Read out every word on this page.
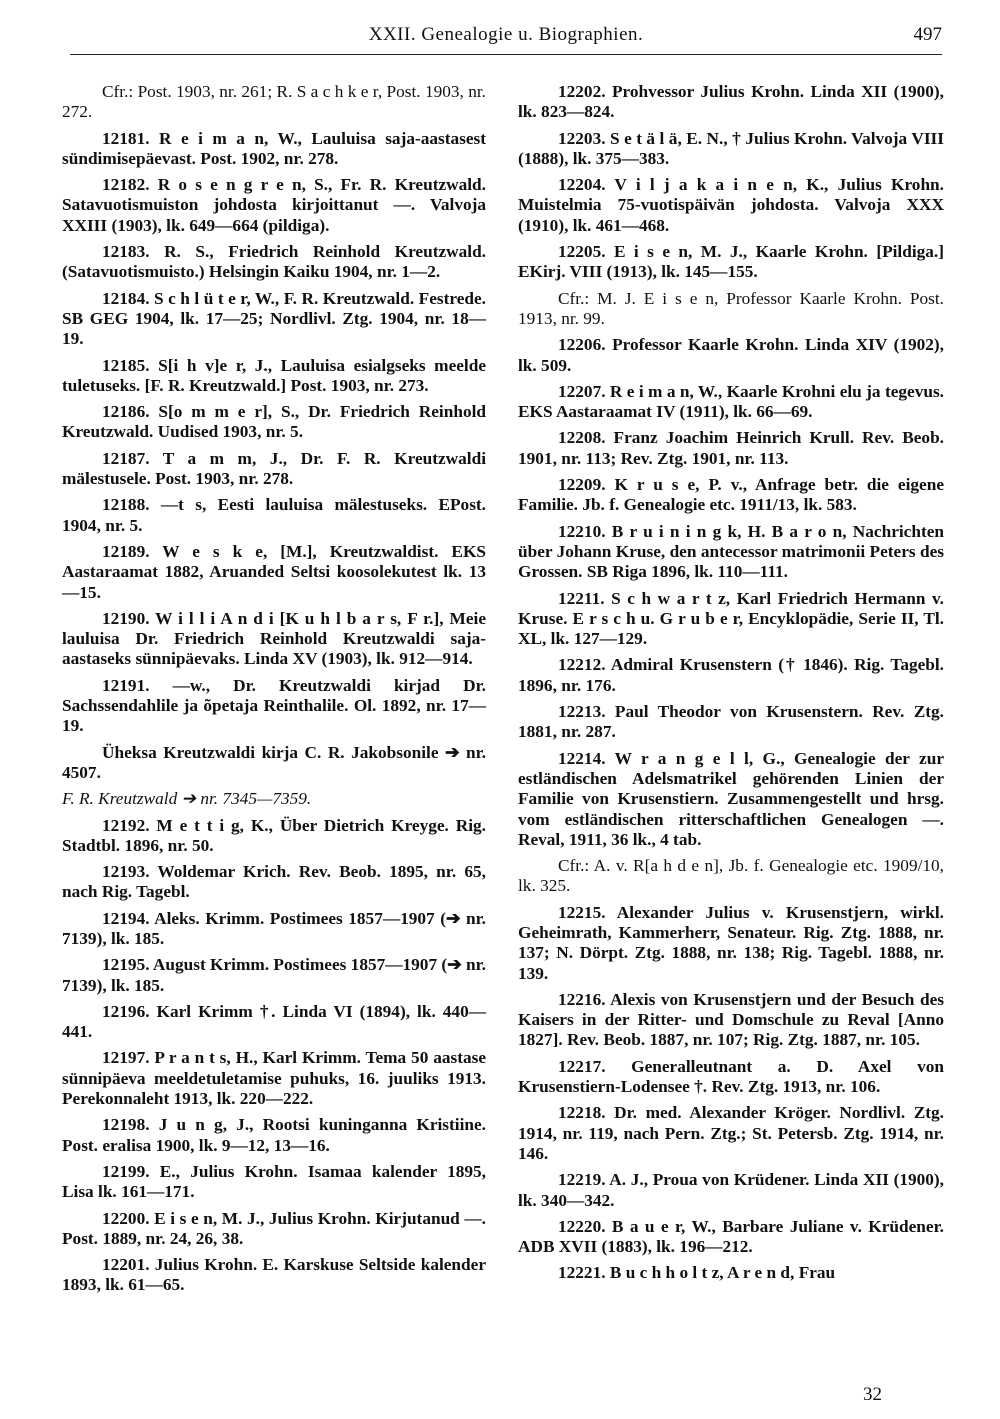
XXII. Genealogie u. Biographien.	497

Cfr.: Post. 1903, nr. 261; R. S a c h k e r, Post. 1903, nr. 272.

12181. R e i m a n, W., Lauluisa saja-aastasest sündimisepäevast. Post. 1902, nr. 278.

12182. R o s e n g r e n, S., Fr. R. Kreutzwald. Satavuotismuiston johdosta kirjoittanut —. Valvoja XXIII (1903), lk. 649—664 (pildiga).

12183. R. S., Friedrich Reinhold Kreutzwald. (Satavuotismuisto.) Helsingin Kaiku 1904, nr. 1—2.

12184. S c h l ü t e r, W., F. R. Kreutzwald. Festrede. SB GEG 1904, lk. 17—25; Nordlivl. Ztg. 1904, nr. 18—19.

12185. S[i h v]e r, J., Lauluisa esialgseks meelde tuletuseks. [F. R. Kreutzwald.] Post. 1903, nr. 273.

12186. S[o m m e r], S., Dr. Friedrich Reinhold Kreutzwald. Uudised 1903, nr. 5.

12187. T a m m, J., Dr. F. R. Kreutzwaldi mälestusele. Post. 1903, nr. 278.

12188. —t s, Eesti lauluisa mälestuseks. EPost. 1904, nr. 5.

12189. W e s k e, [M.], Kreutzwaldist. EKS Aastaraamat 1882, Aruanded Seltsi koosolekutest lk. 13—15.

12190. W i l l i A n d i [K u h l b a r s, F r.], Meie lauluisa Dr. Friedrich Reinhold Kreutzwaldi saja-aastaseks sünnipäevaks. Linda XV (1903), lk. 912—914.

12191. —w., Dr. Kreutzwaldi kirjad Dr. Sachssendahlile ja õpetaja Reinthalile. Ol. 1892, nr. 17—19.

Üheksa Kreutzwaldi kirja C. R. Jakobsonile ➔ nr. 4507.

F. R. Kreutzwald ➔ nr. 7345—7359.

12192. M e t t i g, K., Über Dietrich Kreyge. Rig. Stadtbl. 1896, nr. 50.

12193. Woldemar Krich. Rev. Beob. 1895, nr. 65, nach Rig. Tagebl.

12194. Aleks. Krimm. Postimees 1857—1907 (➔ nr. 7139), lk. 185.

12195. August Krimm. Postimees 1857—1907 (➔ nr. 7139), lk. 185.

12196. Karl Krimm †. Linda VI (1894), lk. 440—441.

12197. P r a n t s, H., Karl Krimm. Tema 50 aastase sünnipäeva meeldetuletamise puhuks, 16. juuliks 1913. Perekonnaleht 1913, lk. 220—222.

12198. J u n g, J., Rootsi kuninganna Kristiine. Post. eralisa 1900, lk. 9—12, 13—16.

12199. E., Julius Krohn. Isamaa kalender 1895, Lisa lk. 161—171.

12200. E i s e n, M. J., Julius Krohn. Kirjutanud —. Post. 1889, nr. 24, 26, 38.

12201. Julius Krohn. E. Karskuse Seltside kalender 1893, lk. 61—65.

12202. Prohvessor Julius Krohn. Linda XII (1900), lk. 823—824.

12203. S e t ä l ä, E. N., † Julius Krohn. Valvoja VIII (1888), lk. 375—383.

12204. V i l j a k a i n e n, K., Julius Krohn. Muistelmia 75-vuotispäivän johdosta. Valvoja XXX (1910), lk. 461—468.

12205. E i s e n, M. J., Kaarle Krohn. [Pildiga.] EKirj. VIII (1913), lk. 145—155.

Cfr.: M. J. E i s e n, Professor Kaarle Krohn. Post. 1913, nr. 99.

12206. Professor Kaarle Krohn. Linda XIV (1902), lk. 509.

12207. R e i m a n, W., Kaarle Krohni elu ja tegevus. EKS Aastaraamat IV (1911), lk. 66—69.

12208. Franz Joachim Heinrich Krull. Rev. Beob. 1901, nr. 113; Rev. Ztg. 1901, nr. 113.

12209. K r u s e, P. v., Anfrage betr. die eigene Familie. Jb. f. Genealogie etc. 1911/13, lk. 583.

12210. B r u i n i n g k, H. B a r o n, Nachrichten über Johann Kruse, den antecessor matrimonii Peters des Grossen. SB Riga 1896, lk. 110—111.

12211. S c h w a r t z, Karl Friedrich Hermann v. Kruse. E r s c h u. G r u b e r, Encyklopädie, Serie II, Tl. XL, lk. 127—129.

12212. Admiral Krusenstern († 1846). Rig. Tagebl. 1896, nr. 176.

12213. Paul Theodor von Krusenstern. Rev. Ztg. 1881, nr. 287.

12214. W r a n g e l l, G., Genealogie der zur estländischen Adelsmatrikel gehörenden Linien der Familie von Krusenstiern. Zusammengestellt und hrsg. vom estländischen ritterschaftlichen Genealogen —. Reval, 1911, 36 lk., 4 tab.

Cfr.: A. v. R[a h d e n], Jb. f. Genealogie etc. 1909/10, lk. 325.

12215. Alexander Julius v. Krusenstjern, wirkl. Geheimrath, Kammerherr, Senateur. Rig. Ztg. 1888, nr. 137; N. Dörpt. Ztg. 1888, nr. 138; Rig. Tagebl. 1888, nr. 139.

12216. Alexis von Krusenstjern und der Besuch des Kaisers in der Ritter- und Domschule zu Reval [Anno 1827]. Rev. Beob. 1887, nr. 107; Rig. Ztg. 1887, nr. 105.

12217. Generalleutnant a. D. Axel von Krusenstiern-Lodensee †. Rev. Ztg. 1913, nr. 106.

12218. Dr. med. Alexander Kröger. Nordlivl. Ztg. 1914, nr. 119, nach Pern. Ztg.; St. Petersb. Ztg. 1914, nr. 146.

12219. A. J., Proua von Krüdener. Linda XII (1900), lk. 340—342.

12220. B a u e r, W., Barbare Juliane v. Krüdener. ADB XVII (1883), lk. 196—212.

12221. B u c h h o l t z, A r e n d, Frau

32
